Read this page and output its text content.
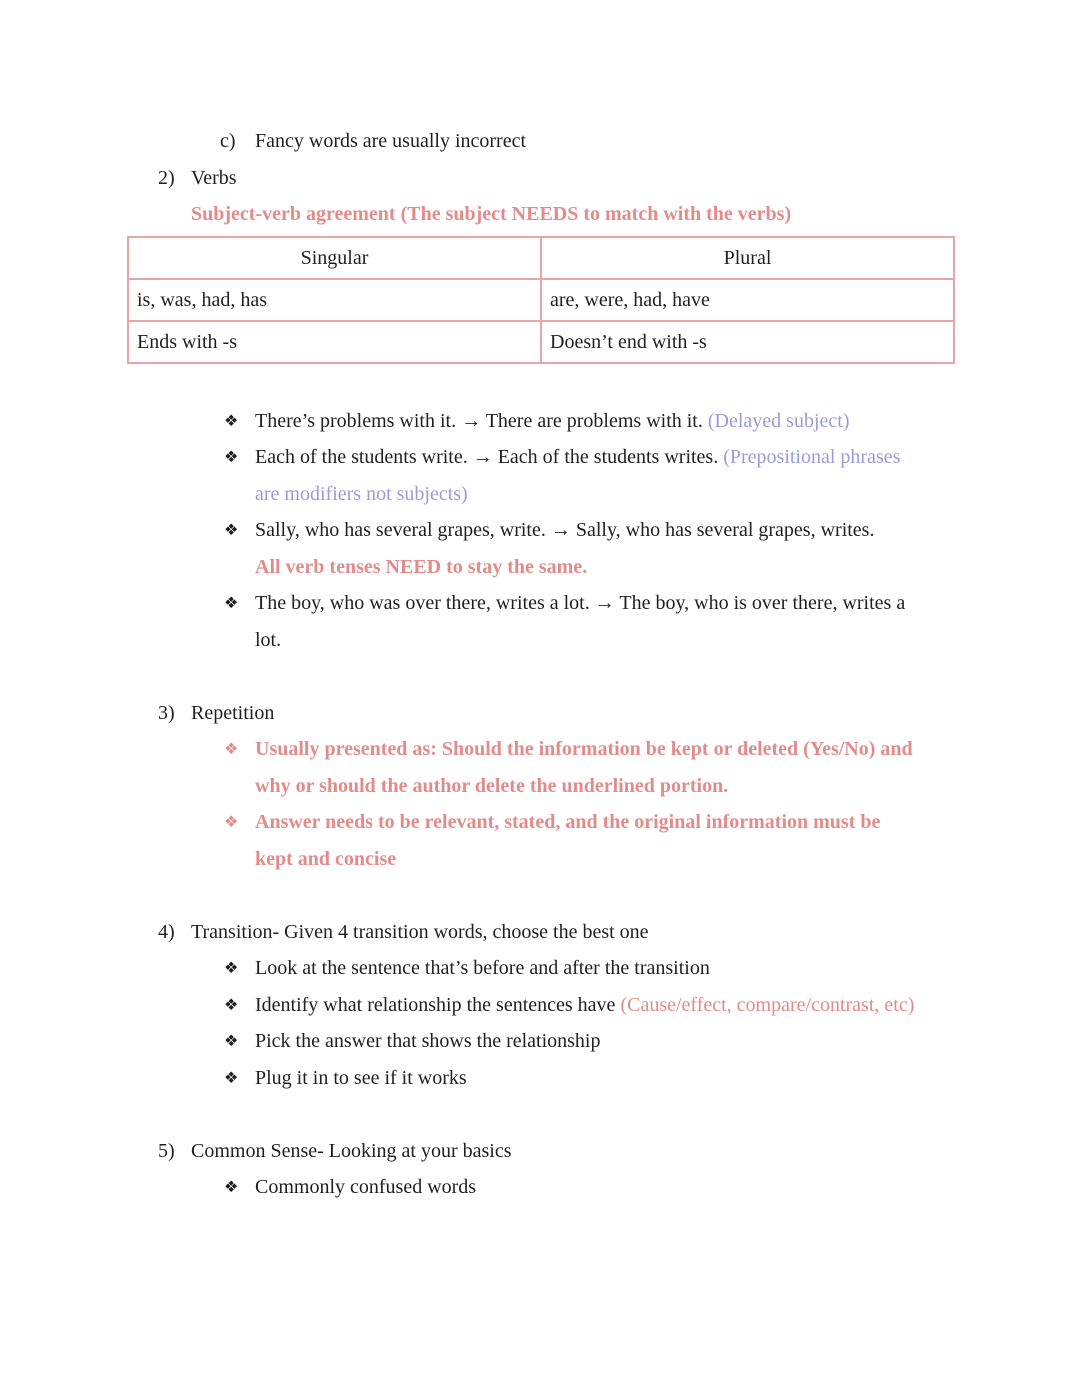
c) Fancy words are usually incorrect
2) Verbs
Subject-verb agreement (The subject NEEDS to match with the verbs)
Singular	Plural
is, was, had, has	are, were, had, have
Ends with -s	Doesn’t end with -s
❖ There’s problems with it. → There are problems with it. (Delayed subject)
❖ Each of the students write. → Each of the students writes. (Prepositional phrases
are modifiers not subjects)
❖ Sally, who has several grapes, write. → Sally, who has several grapes, writes.
All verb tenses NEED to stay the same.
❖ The boy, who was over there, writes a lot. → The boy, who is over there, writes a
lot.
3) Repetition
❖ Usually presented as: Should the information be kept or deleted (Yes/No) and
why or should the author delete the underlined portion.
❖ Answer needs to be relevant, stated, and the original information must be
kept and concise
4) Transition- Given 4 transition words, choose the best one
❖ Look at the sentence that’s before and after the transition
❖ Identify what relationship the sentences have (Cause/effect, compare/contrast, etc)
❖ Pick the answer that shows the relationship
❖ Plug it in to see if it works
5) Common Sense- Looking at your basics
❖ Commonly confused words
